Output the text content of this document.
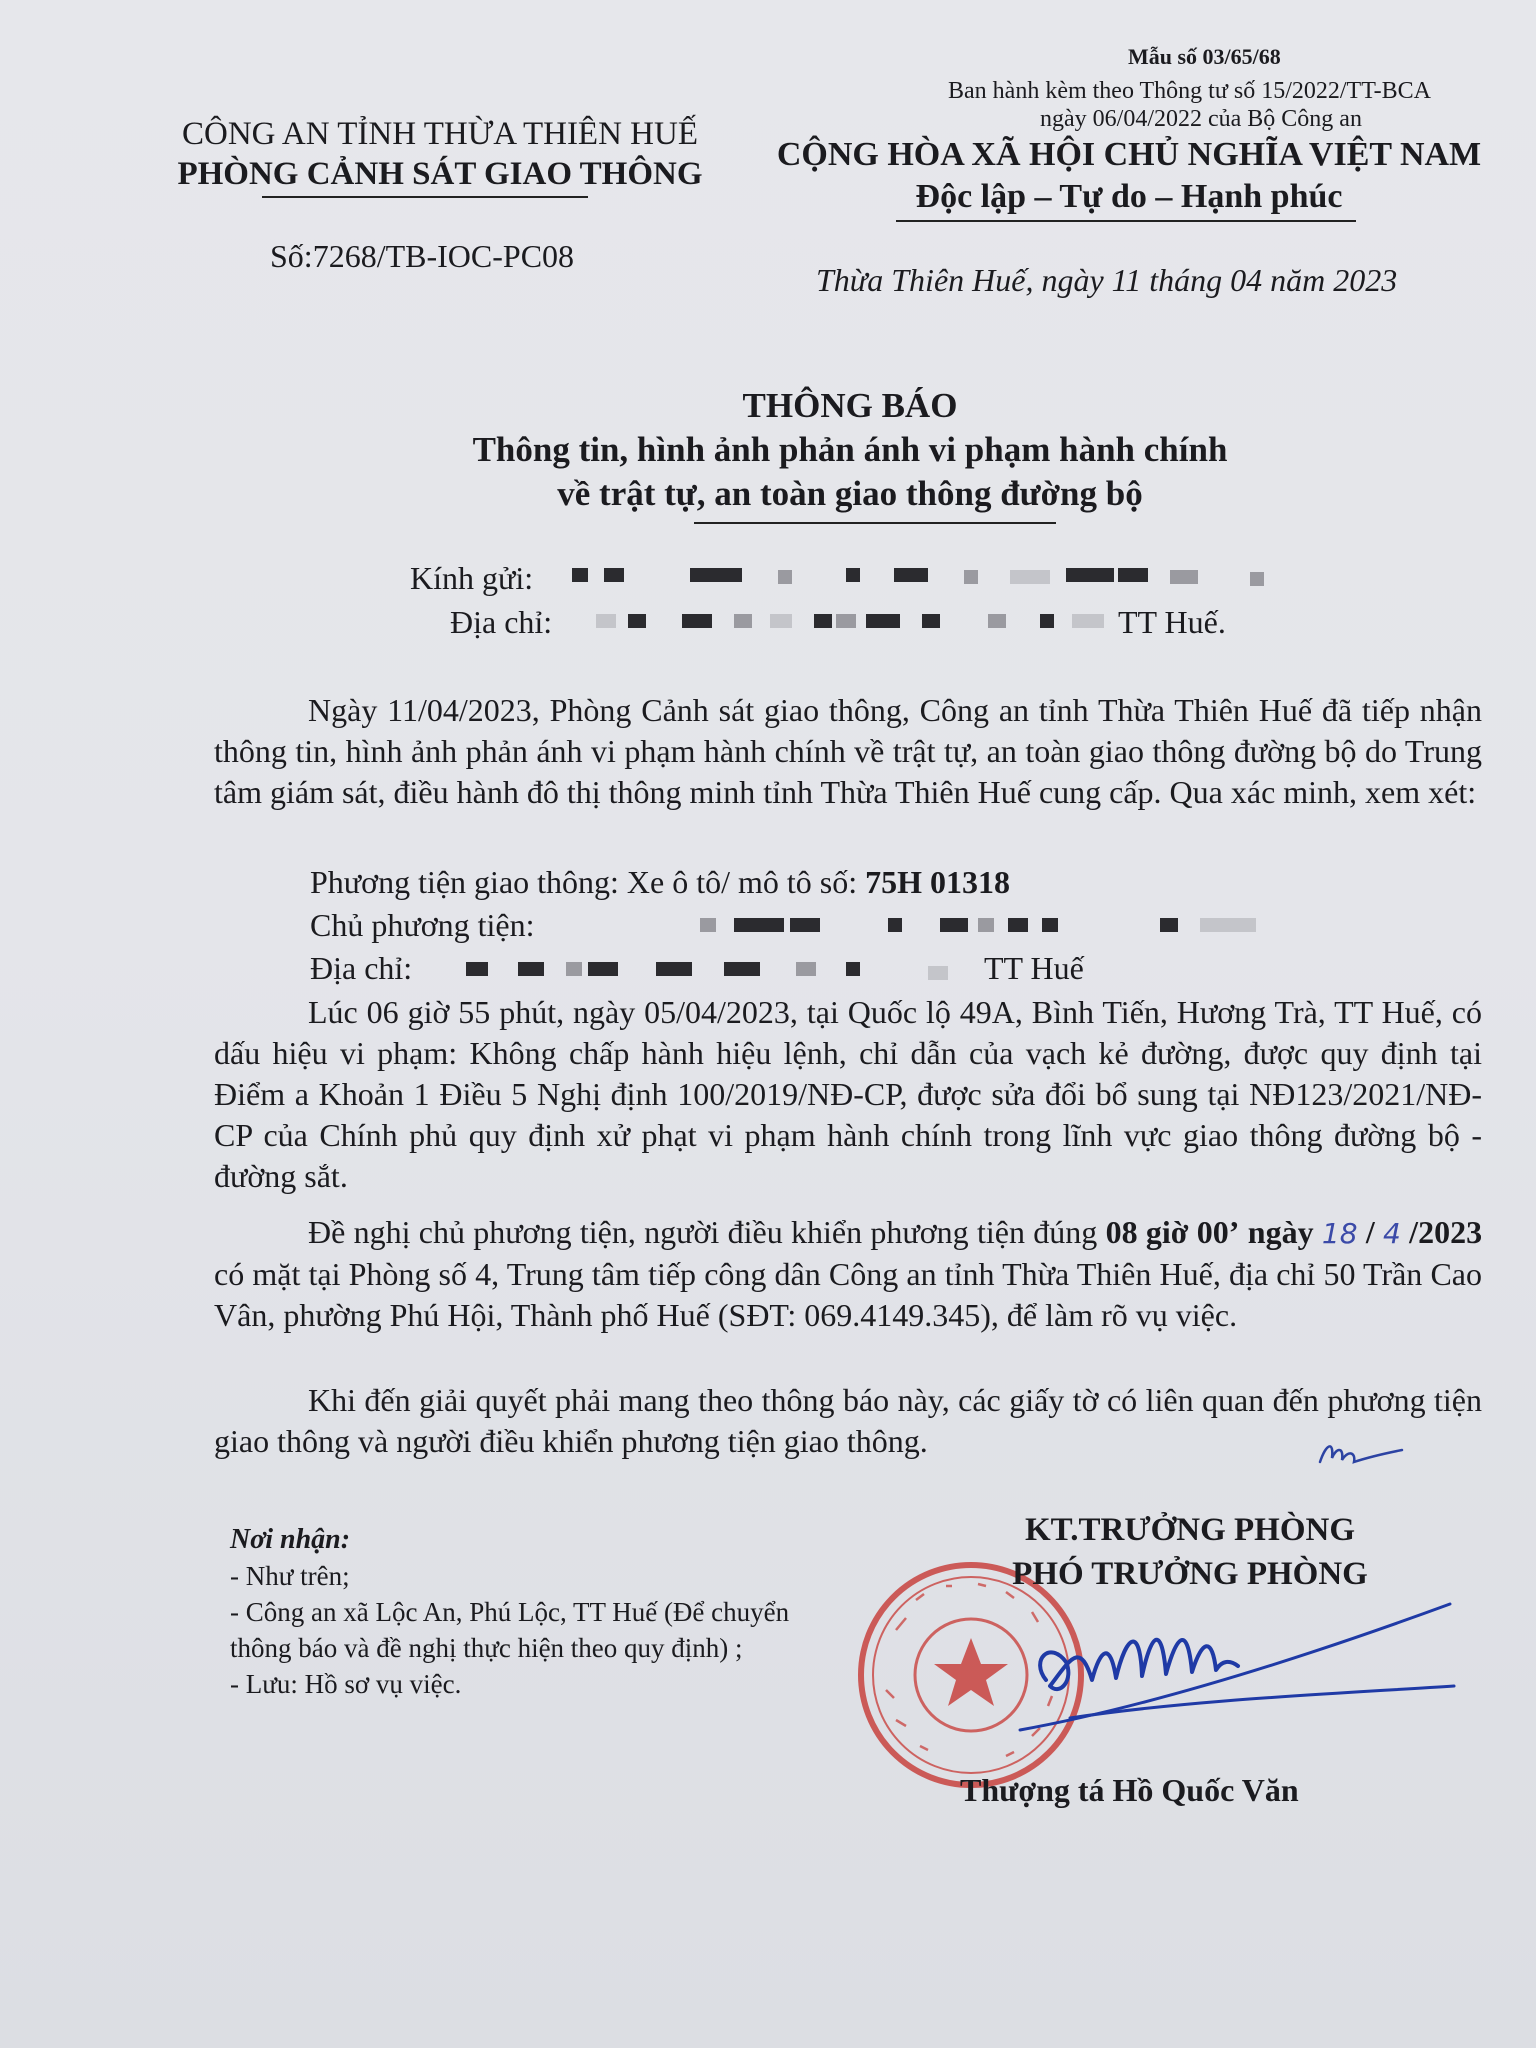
Mẫu số 03/65/68
Ban hành kèm theo Thông tư số 15/2022/TT-BCA
ngày 06/04/2022 của Bộ Công an
CÔNG AN TỈNH THỪA THIÊN HUẾ
PHÒNG CẢNH SÁT GIAO THÔNG
CỘNG HÒA XÃ HỘI CHỦ NGHĨA VIỆT NAM
Độc lập – Tự do – Hạnh phúc
Số:7268/TB-IOC-PC08
Thừa Thiên Huế, ngày 11 tháng 04 năm 2023
THÔNG BÁO
Thông tin, hình ảnh phản ánh vi phạm hành chính
về trật tự, an toàn giao thông đường bộ
Kính gửi:
Địa chỉ:	TT Huế.
Ngày 11/04/2023, Phòng Cảnh sát giao thông, Công an tỉnh Thừa Thiên Huế đã tiếp nhận thông tin, hình ảnh phản ánh vi phạm hành chính về trật tự, an toàn giao thông đường bộ do Trung tâm giám sát, điều hành đô thị thông minh tỉnh Thừa Thiên Huế cung cấp. Qua xác minh, xem xét:
Phương tiện giao thông: Xe ô tô/ mô tô số: 75H 01318
Chủ phương tiện:
Địa chỉ:	TT Huế
Lúc 06 giờ 55 phút, ngày 05/04/2023, tại Quốc lộ 49A, Bình Tiến, Hương Trà, TT Huế, có dấu hiệu vi phạm: Không chấp hành hiệu lệnh, chỉ dẫn của vạch kẻ đường, được quy định tại Điểm a Khoản 1 Điều 5 Nghị định 100/2019/NĐ-CP, được sửa đổi bổ sung tại NĐ123/2021/NĐ-CP của Chính phủ quy định xử phạt vi phạm hành chính trong lĩnh vực giao thông đường bộ - đường sắt.
Đề nghị chủ phương tiện, người điều khiển phương tiện đúng 08 giờ 00’ ngày 18 / 4 /2023 có mặt tại Phòng số 4, Trung tâm tiếp công dân Công an tỉnh Thừa Thiên Huế, địa chỉ 50 Trần Cao Vân, phường Phú Hội, Thành phố Huế (SĐT: 069.4149.345), để làm rõ vụ việc.
Khi đến giải quyết phải mang theo thông báo này, các giấy tờ có liên quan đến phương tiện giao thông và người điều khiển phương tiện giao thông.
Nơi nhận:
- Như trên;
- Công an xã Lộc An, Phú Lộc, TT Huế (Để chuyển thông báo và đề nghị thực hiện theo quy định) ;
- Lưu: Hồ sơ vụ việc.
KT.TRƯỞNG PHÒNG
PHÓ TRƯỞNG PHÒNG
Thượng tá Hồ Quốc Văn
